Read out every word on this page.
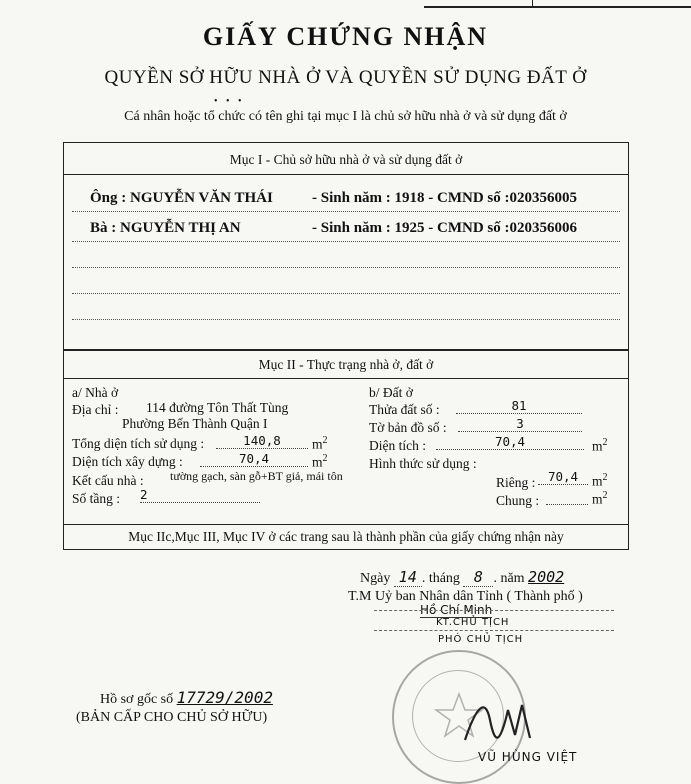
GIẤY CHỨNG NHẬN
QUYỀN SỞ HỮU NHÀ Ở VÀ QUYỀN SỬ DỤNG ĐẤT Ở
• • •
Cá nhân hoặc tổ chức có tên ghi tại mục I là chủ sở hữu nhà ở và sử dụng đất ở
Mục I - Chủ sở hữu nhà ở và sử dụng đất ở
Ông : NGUYỄN VĂN THÁI	- Sinh năm : 1918 - CMND số :020356005
Bà : NGUYỄN THỊ AN	- Sinh năm : 1925 - CMND số :020356006
Mục II - Thực trạng nhà ở, đất ở
a/ Nhà ở
Địa chỉ : 114 đường Tôn Thất Tùng
Phường Bến Thành Quận I
Tổng diện tích sử dụng :	140,8	$m^2$
Diện tích xây dựng :	70,4	$m^2$
Kết cấu nhà : tường gạch, sàn gỗ+BT giả, mái tôn
Số tầng : 2
b/ Đất ở
Thửa đất số :	81
Tờ bản đồ số :	3
Diện tích :	70,4	$m^2$
Hình thức sử dụng :
Riêng :	70,4	$m^2$
Chung :	$m^2$
Mục IIc,Mục III, Mục IV ở các trang sau là thành phần của giấy chứng nhận này
Ngày 14 . tháng 8 . năm 2002
T.M Uỷ ban Nhân dân Tỉnh ( Thành phố )
Hồ Chí Minh
KT.CHỦ TỊCH
PHÓ CHỦ TỊCH
VŨ HÙNG VIỆT
Hồ sơ gốc số 17729/2002
(BẢN CẤP CHO CHỦ SỞ HỮU)
